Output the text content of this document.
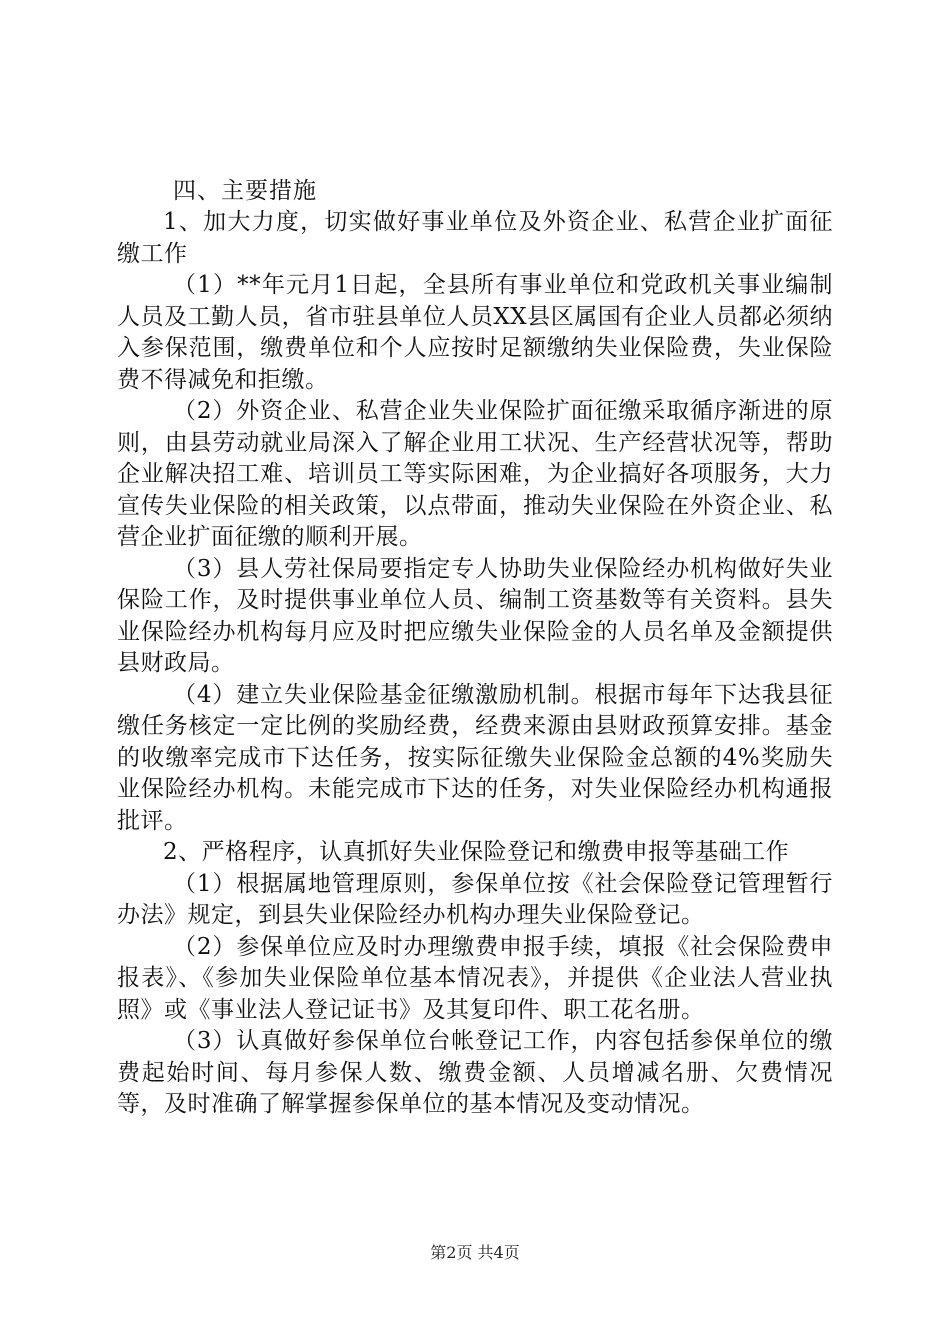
四、主要措施

1、加大力度，切实做好事业单位及外资企业、私营企业扩面征缴工作

（1）**年元月1日起，全县所有事业单位和党政机关事业编制人员及工勤人员，省市驻县单位人员XX县区属国有企业人员都必须纳入参保范围，缴费单位和个人应按时足额缴纳失业保险费，失业保险费不得减免和拒缴。

（2）外资企业、私营企业失业保险扩面征缴采取循序渐进的原则，由县劳动就业局深入了解企业用工状况、生产经营状况等，帮助企业解决招工难、培训员工等实际困难，为企业搞好各项服务，大力宣传失业保险的相关政策，以点带面，推动失业保险在外资企业、私营企业扩面征缴的顺利开展。

（3）县人劳社保局要指定专人协助失业保险经办机构做好失业保险工作，及时提供事业单位人员、编制工资基数等有关资料。县失业保险经办机构每月应及时把应缴失业保险金的人员名单及金额提供县财政局。

（4）建立失业保险基金征缴激励机制。根据市每年下达我县征缴任务核定一定比例的奖励经费，经费来源由县财政预算安排。基金的收缴率完成市下达任务，按实际征缴失业保险金总额的4%奖励失业保险经办机构。未能完成市下达的任务，对失业保险经办机构通报批评。

2、严格程序，认真抓好失业保险登记和缴费申报等基础工作

（1）根据属地管理原则，参保单位按《社会保险登记管理暂行办法》规定，到县失业保险经办机构办理失业保险登记。

（2）参保单位应及时办理缴费申报手续，填报《社会保险费申报表》、《参加失业保险单位基本情况表》，并提供《企业法人营业执照》或《事业法人登记证书》及其复印件、职工花名册。

（3）认真做好参保单位台帐登记工作，内容包括参保单位的缴费起始时间、每月参保人数、缴费金额、人员增减名册、欠费情况等，及时准确了解掌握参保单位的基本情况及变动情况。

第2页 共4页
